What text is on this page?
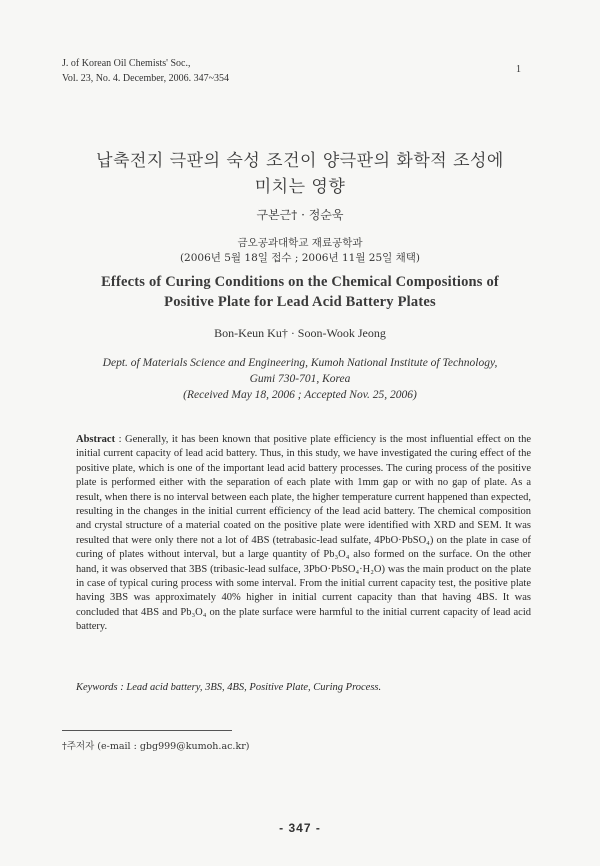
J. of Korean Oil Chemists' Soc.,
Vol. 23, No. 4. December, 2006. 347~354
1
납축전지 극판의 숙성 조건이 양극판의 화학적 조성에
미치는 영향
구본근† · 정순욱
금오공과대학교 재료공학과
(2006년 5월 18일 접수 ; 2006년 11월 25일 채택)
Effects of Curing Conditions on the Chemical Compositions of
Positive Plate for Lead Acid Battery Plates
Bon-Keun Ku† · Soon-Wook Jeong
Dept. of Materials Science and Engineering, Kumoh National Institute of Technology,
Gumi 730-701, Korea
(Received May 18, 2006 ; Accepted Nov. 25, 2006)
Abstract : Generally, it has been known that positive plate efficiency is the most influential effect on the initial current capacity of lead acid battery. Thus, in this study, we have investigated the curing effect of the positive plate, which is one of the important lead acid battery processes. The curing process of the positive plate is performed either with the separation of each plate with 1mm gap or with no gap of plate. As a result, when there is no interval between each plate, the higher temperature current happened than expected, resulting in the changes in the initial current efficiency of the lead acid battery. The chemical composition and crystal structure of a material coated on the positive plate were identified with XRD and SEM. It was resulted that were only there not a lot of 4BS (tetrabasic-lead sulfate, 4PbO·PbSO₄) on the plate in case of curing of plates without interval, but a large quantity of Pb₃O₄ also formed on the surface. On the other hand, it was observed that 3BS (tribasic-lead sulface, 3PbO·PbSO₄·H₂O) was the main product on the plate in case of typical curing process with some interval. From the initial current capacity test, the positive plate having 3BS was approximately 40% higher in initial current capacity than that having 4BS. It was concluded that 4BS and Pb₃O₄ on the plate surface were harmful to the initial current capacity of lead acid battery.
Keywords : Lead acid battery, 3BS, 4BS, Positive Plate, Curing Process.
†주저자 (e-mail : gbg999@kumoh.ac.kr)
- 347 -
